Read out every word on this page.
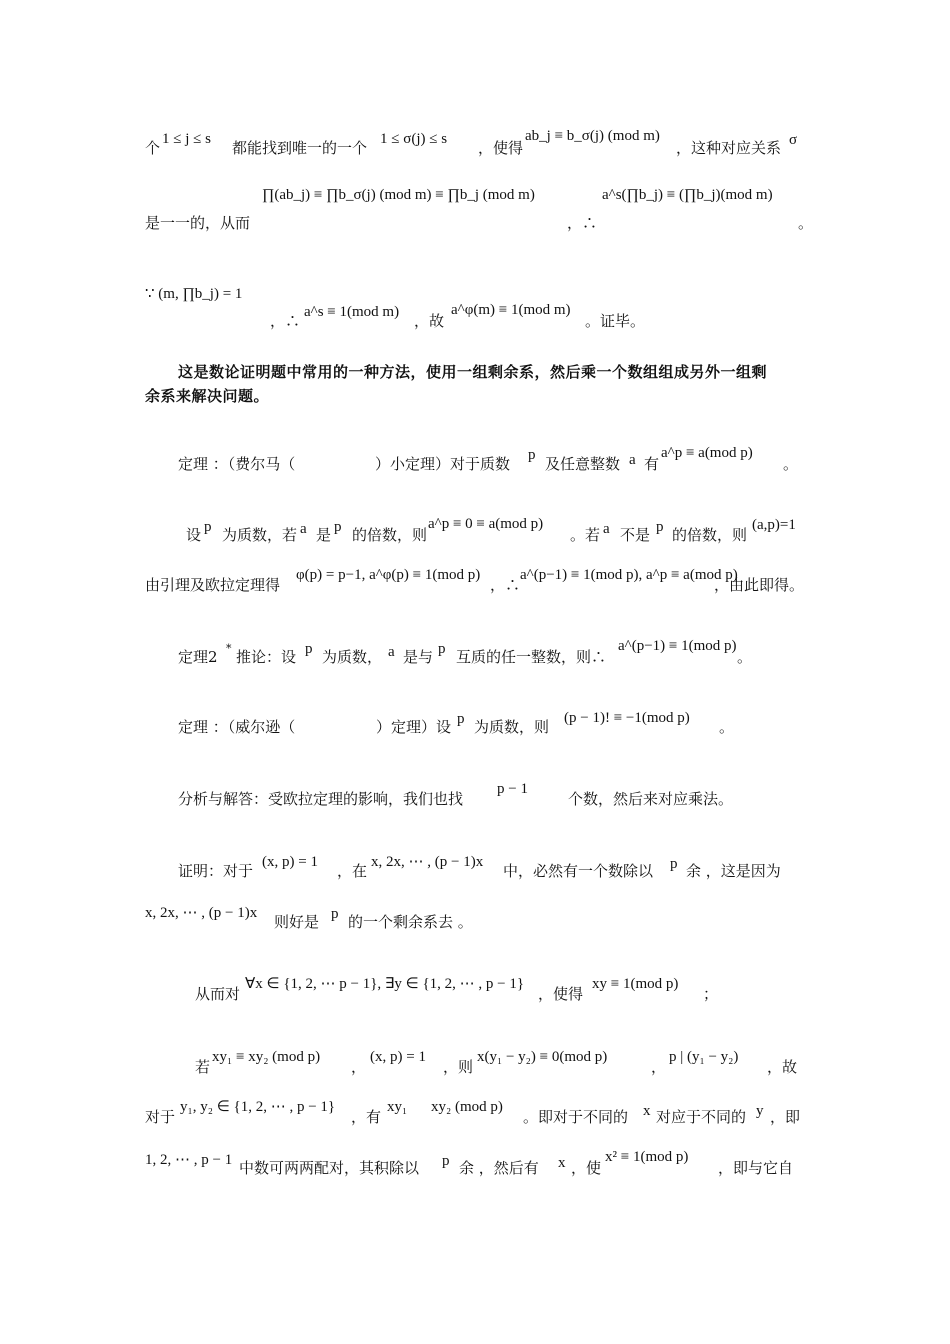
个 1 ≤ j ≤ s 都能找到唯一的一个 1 ≤ σ(j) ≤ s ，使得
ab_j ≡ b_σ(j) (mod m)
，这种对应关系 σ
是一一的，从而
∏(ab_j) ≡ ∏b_σ(j) (mod m) ≡ ∏b_j (mod m)
，∴
a^s(∏b_j) ≡ (∏b_j)(mod m)
。
∵ (m, ∏b_j) = 1
，∴ a^s ≡ 1(mod m) ，故
a^φ(m) ≡ 1(mod m)
。证毕。
这是数论证明题中常用的一种方法，使用一组剩余系，然后乘一个数组组成另外一组剩
余系来解决问题。
定理 ：（费尔马（	）小定理）对于质数 p 及任意整数 a 有
a^p ≡ a(mod p)
。
设 p 为质数，若 a 是 p 的倍数，则
a^p ≡ 0 ≡ a(mod p)
。若 a 不是 p 的倍数，则
(a,p)=1
由引理及欧拉定理得
φ(p) = p−1, a^φ(p) ≡ 1(mod p)
，∴
a^(p−1) ≡ 1(mod p), a^p ≡ a(mod p)
，由此即得。
定理2 * 推论：设 p 为质数， a 是与 p 互质的任一整数，则∴
a^(p−1) ≡ 1(mod p)
。
定理 ：（威尔逊（	）定理）设 p 为质数，则 (p − 1)! ≡ −1(mod p) 。
分析与解答：受欧拉定理的影响，我们也找
p − 1
个数，然后来对应乘法。
证明：对于 (x, p) = 1 ，在 x, 2x, ⋯ , (p − 1)x 中，必然有一个数除以 p 余 ，这是因为
x, 2x, ⋯ , (p − 1)x 则好是 p 的一个剩余系去 。
从而对
∀x ∈ {1, 2, ⋯ p − 1}, ∃y ∈ {1, 2, ⋯ , p − 1}
，使得
xy ≡ 1(mod p)
；
若
xy₁ ≡ xy₂ (mod p)
，
(x, p) = 1
，则
x(y₁ − y₂) ≡ 0(mod p)
，
p | (y₁ − y₂)
，故
对于
y₁, y₂ ∈ {1, 2, ⋯ , p − 1}
，有
xy₁ xy₂ (mod p)
。即对于不同的 x 对应于不同的 y ，即
1, 2, ⋯ , p − 1 中数可两两配对，其积除以 p 余 ，然后有 x ，使
x² ≡ 1(mod p)
，即与它自
